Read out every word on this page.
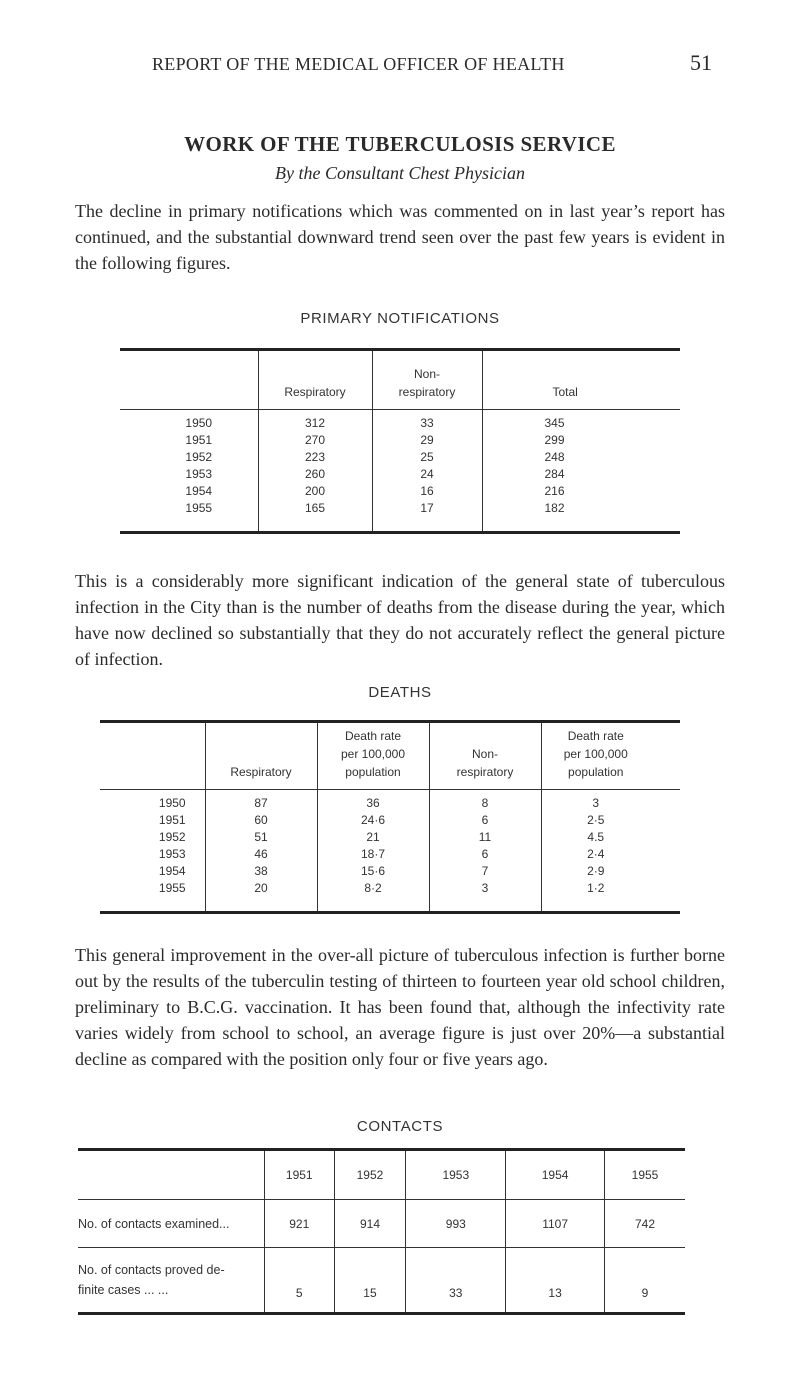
REPORT OF THE MEDICAL OFFICER OF HEALTH	51
WORK OF THE TUBERCULOSIS SERVICE
By the Consultant Chest Physician
The decline in primary notifications which was commented on in last year’s report has continued, and the substantial downward trend seen over the past few years is evident in the following figures.
PRIMARY NOTIFICATIONS
	Respiratory	Non-
respiratory	Total

1950	312	33	345
1951	270	29	299
1952	223	25	248
1953	260	24	284
1954	200	16	216
1955	165	17	182

This is a considerably more significant indication of the general state of tuberculous infection in the City than is the number of deaths from the disease during the year, which have now declined so substantially that they do not accurately reflect the general picture of infection.
DEATHS
	Respiratory	Death rate
per 100,000
population	Non-
respiratory	Death rate
per 100,000
population

1950	87	36	8	3
1951	60	24·6	6	2·5
1952	51	21	11	4.5
1953	46	18·7	6	2·4
1954	38	15·6	7	2·9
1955	20	8·2	3	1·2

This general improvement in the over-all picture of tuberculous infection is further borne out by the results of the tuberculin testing of thirteen to fourteen year old school children, preliminary to B.C.G. vaccination. It has been found that, although the infectivity rate varies widely from school to school, an average figure is just over 20%—a substantial decline as compared with the position only four or five years ago.
CONTACTS
	1951	1952	1953	1954	1955
No. of contacts examined...	921	914	993	1107	742
No. of contacts proved de-
finite cases ... ...	5	15	33	13	9
